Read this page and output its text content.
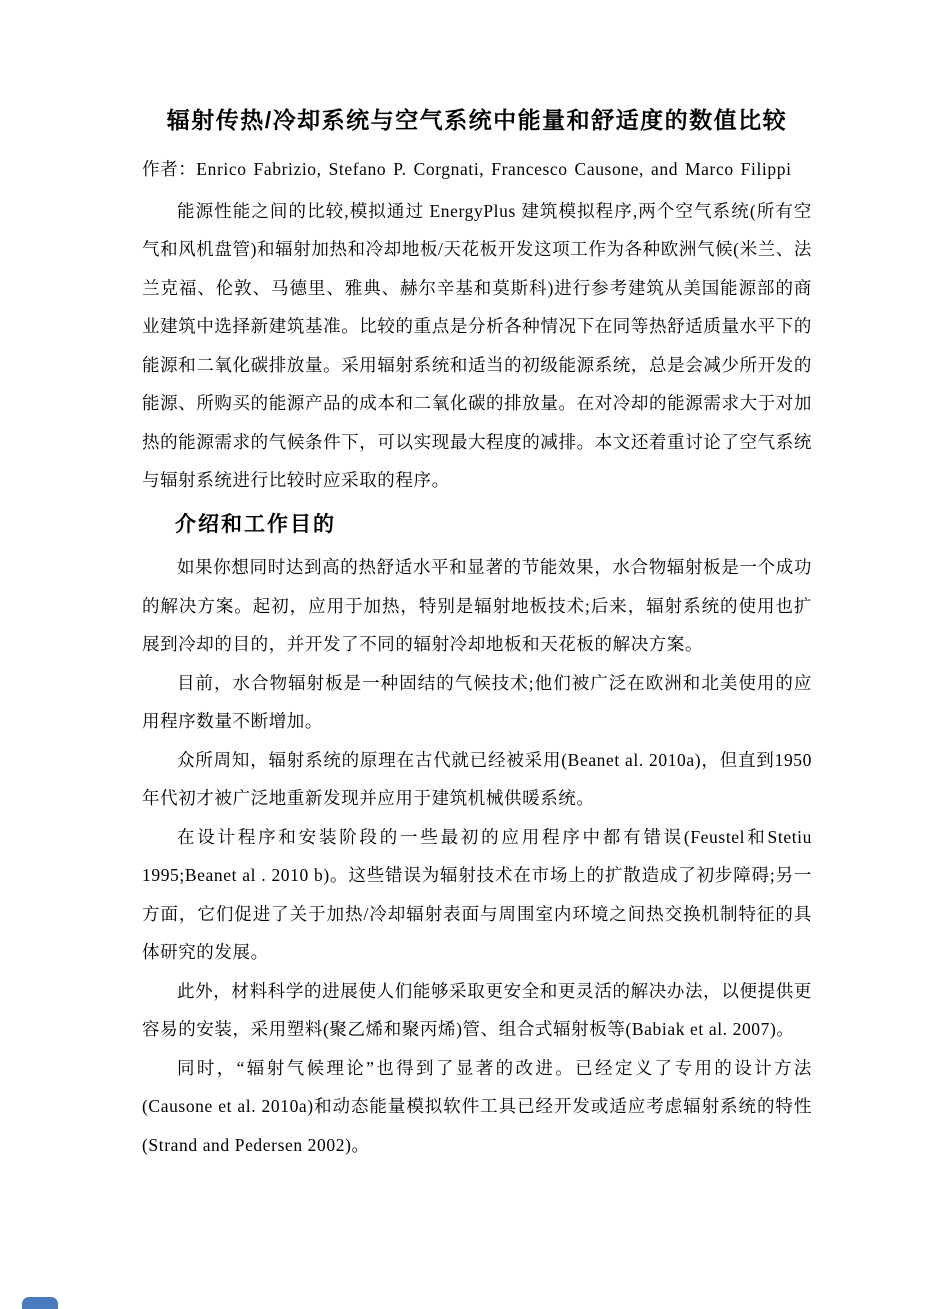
辐射传热/冷却系统与空气系统中能量和舒适度的数值比较

作者：Enrico Fabrizio, Stefano P. Corgnati, Francesco Causone, and Marco Filippi

能源性能之间的比较,模拟通过 EnergyPlus 建筑模拟程序,两个空气系统(所有空气和风机盘管)和辐射加热和冷却地板/天花板开发这项工作为各种欧洲气候(米兰、法兰克福、伦敦、马德里、雅典、赫尔辛基和莫斯科)进行参考建筑从美国能源部的商业建筑中选择新建筑基准。比较的重点是分析各种情况下在同等热舒适质量水平下的能源和二氧化碳排放量。采用辐射系统和适当的初级能源系统，总是会减少所开发的能源、所购买的能源产品的成本和二氧化碳的排放量。在对冷却的能源需求大于对加热的能源需求的气候条件下，可以实现最大程度的减排。本文还着重讨论了空气系统与辐射系统进行比较时应采取的程序。

介绍和工作目的

如果你想同时达到高的热舒适水平和显著的节能效果，水合物辐射板是一个成功的解决方案。起初，应用于加热，特别是辐射地板技术;后来，辐射系统的使用也扩展到冷却的目的，并开发了不同的辐射冷却地板和天花板的解决方案。

目前，水合物辐射板是一种固结的气候技术;他们被广泛在欧洲和北美使用的应用程序数量不断增加。

众所周知，辐射系统的原理在古代就已经被采用(Beanet al. 2010a)，但直到1950年代初才被广泛地重新发现并应用于建筑机械供暖系统。

在设计程序和安装阶段的一些最初的应用程序中都有错误(Feustel和Stetiu 1995;Beanet al . 2010 b)。这些错误为辐射技术在市场上的扩散造成了初步障碍;另一方面，它们促进了关于加热/冷却辐射表面与周围室内环境之间热交换机制特征的具体研究的发展。

此外，材料科学的进展使人们能够采取更安全和更灵活的解决办法，以便提供更容易的安装，采用塑料(聚乙烯和聚丙烯)管、组合式辐射板等(Babiak et al. 2007)。

同时，“辐射气候理论”也得到了显著的改进。已经定义了专用的设计方法(Causone et al. 2010a)和动态能量模拟软件工具已经开发或适应考虑辐射系统的特性(Strand and Pedersen 2002)。
